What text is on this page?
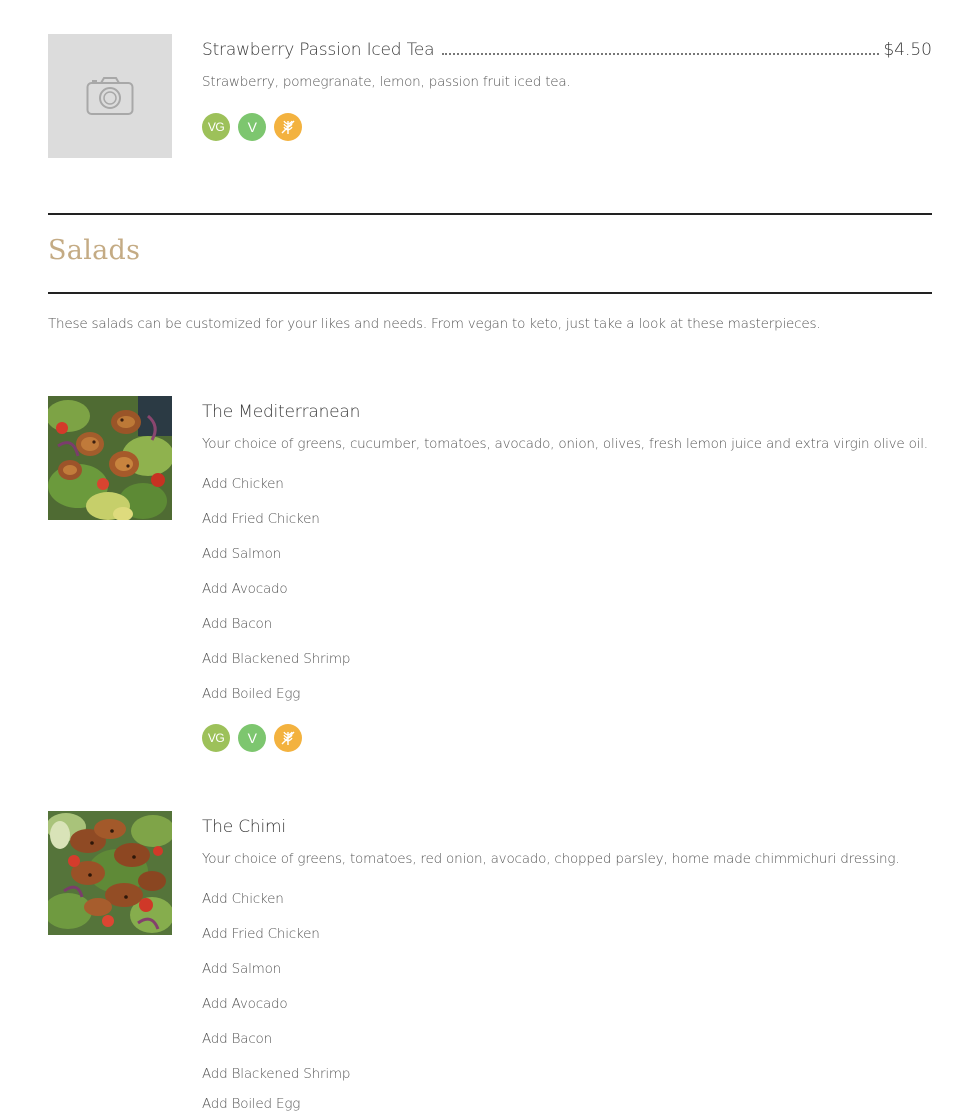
Strawberry Passion Iced Tea	$4.50
Strawberry, pomegranate, lemon, passion fruit iced tea.
VG	V
Salads
These salads can be customized for your likes and needs. From vegan to keto, just take a look at these masterpieces.
The Mediterranean
Your choice of greens, cucumber, tomatoes, avocado, onion, olives, fresh lemon juice and extra virgin olive oil.
Add Chicken
Add Fried Chicken
Add Salmon
Add Avocado
Add Bacon
Add Blackened Shrimp
Add Boiled Egg
VG	V
The Chimi
Your choice of greens, tomatoes, red onion, avocado, chopped parsley, home made chimmichuri dressing.
Add Chicken
Add Fried Chicken
Add Salmon
Add Avocado
Add Bacon
Add Blackened Shrimp
Add Boiled Egg
